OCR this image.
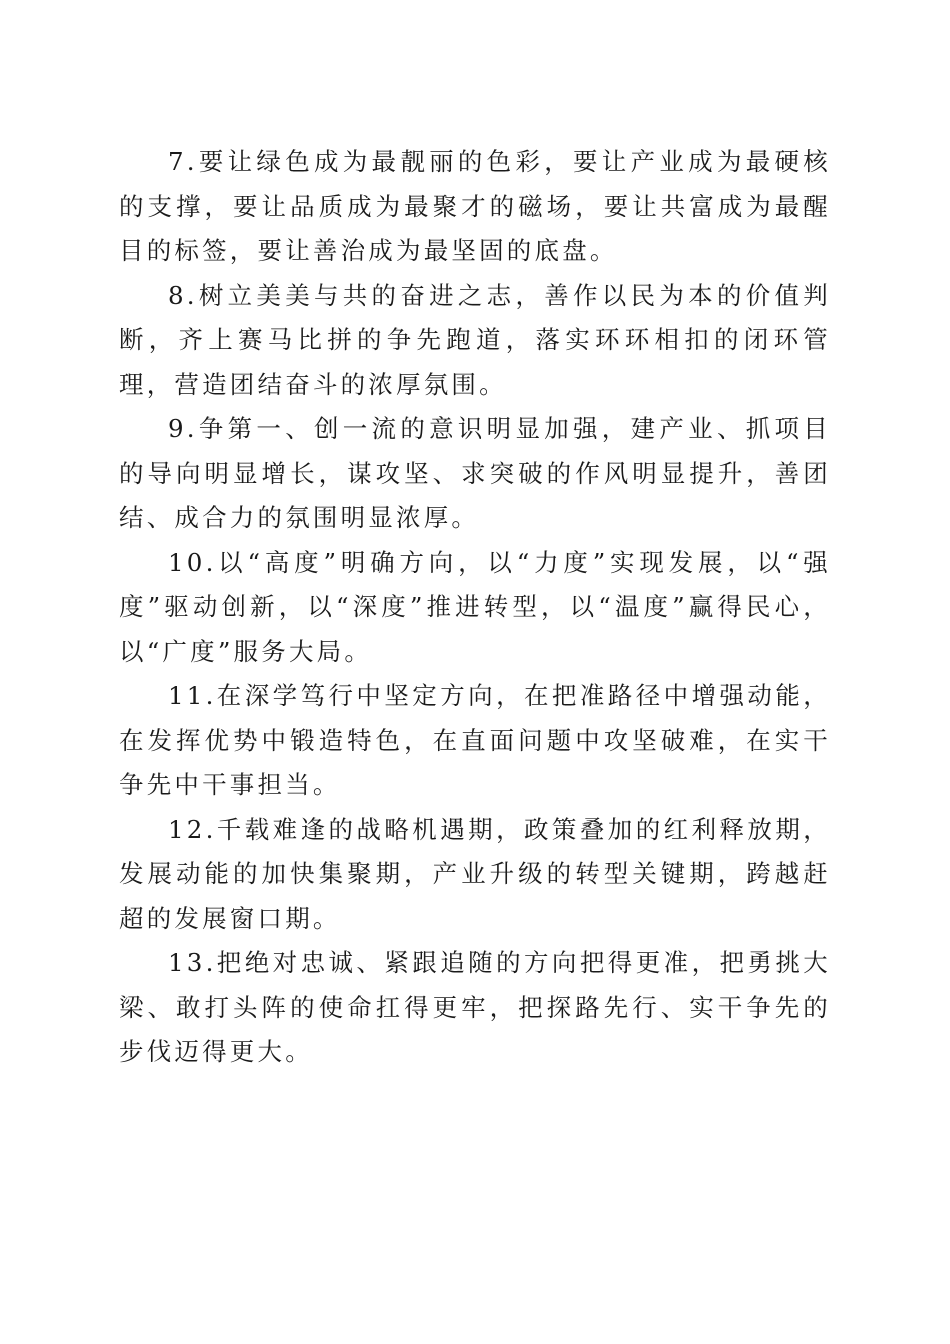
7.要让绿色成为最靓丽的色彩，要让产业成为最硬核的支撑，要让品质成为最聚才的磁场，要让共富成为最醒目的标签，要让善治成为最坚固的底盘。

8.树立美美与共的奋进之志，善作以民为本的价值判断，齐上赛马比拼的争先跑道，落实环环相扣的闭环管理，营造团结奋斗的浓厚氛围。

9.争第一、创一流的意识明显加强，建产业、抓项目的导向明显增长，谋攻坚、求突破的作风明显提升，善团结、成合力的氛围明显浓厚。

10.以“高度”明确方向，以“力度”实现发展，以“强度”驱动创新，以“深度”推进转型，以“温度”赢得民心，以“广度”服务大局。

11.在深学笃行中坚定方向，在把准路径中增强动能，在发挥优势中锻造特色，在直面问题中攻坚破难，在实干争先中干事担当。

12.千载难逢的战略机遇期，政策叠加的红利释放期，发展动能的加快集聚期，产业升级的转型关键期，跨越赶超的发展窗口期。

13.把绝对忠诚、紧跟追随的方向把得更准，把勇挑大梁、敢打头阵的使命扛得更牢，把探路先行、实干争先的步伐迈得更大。
